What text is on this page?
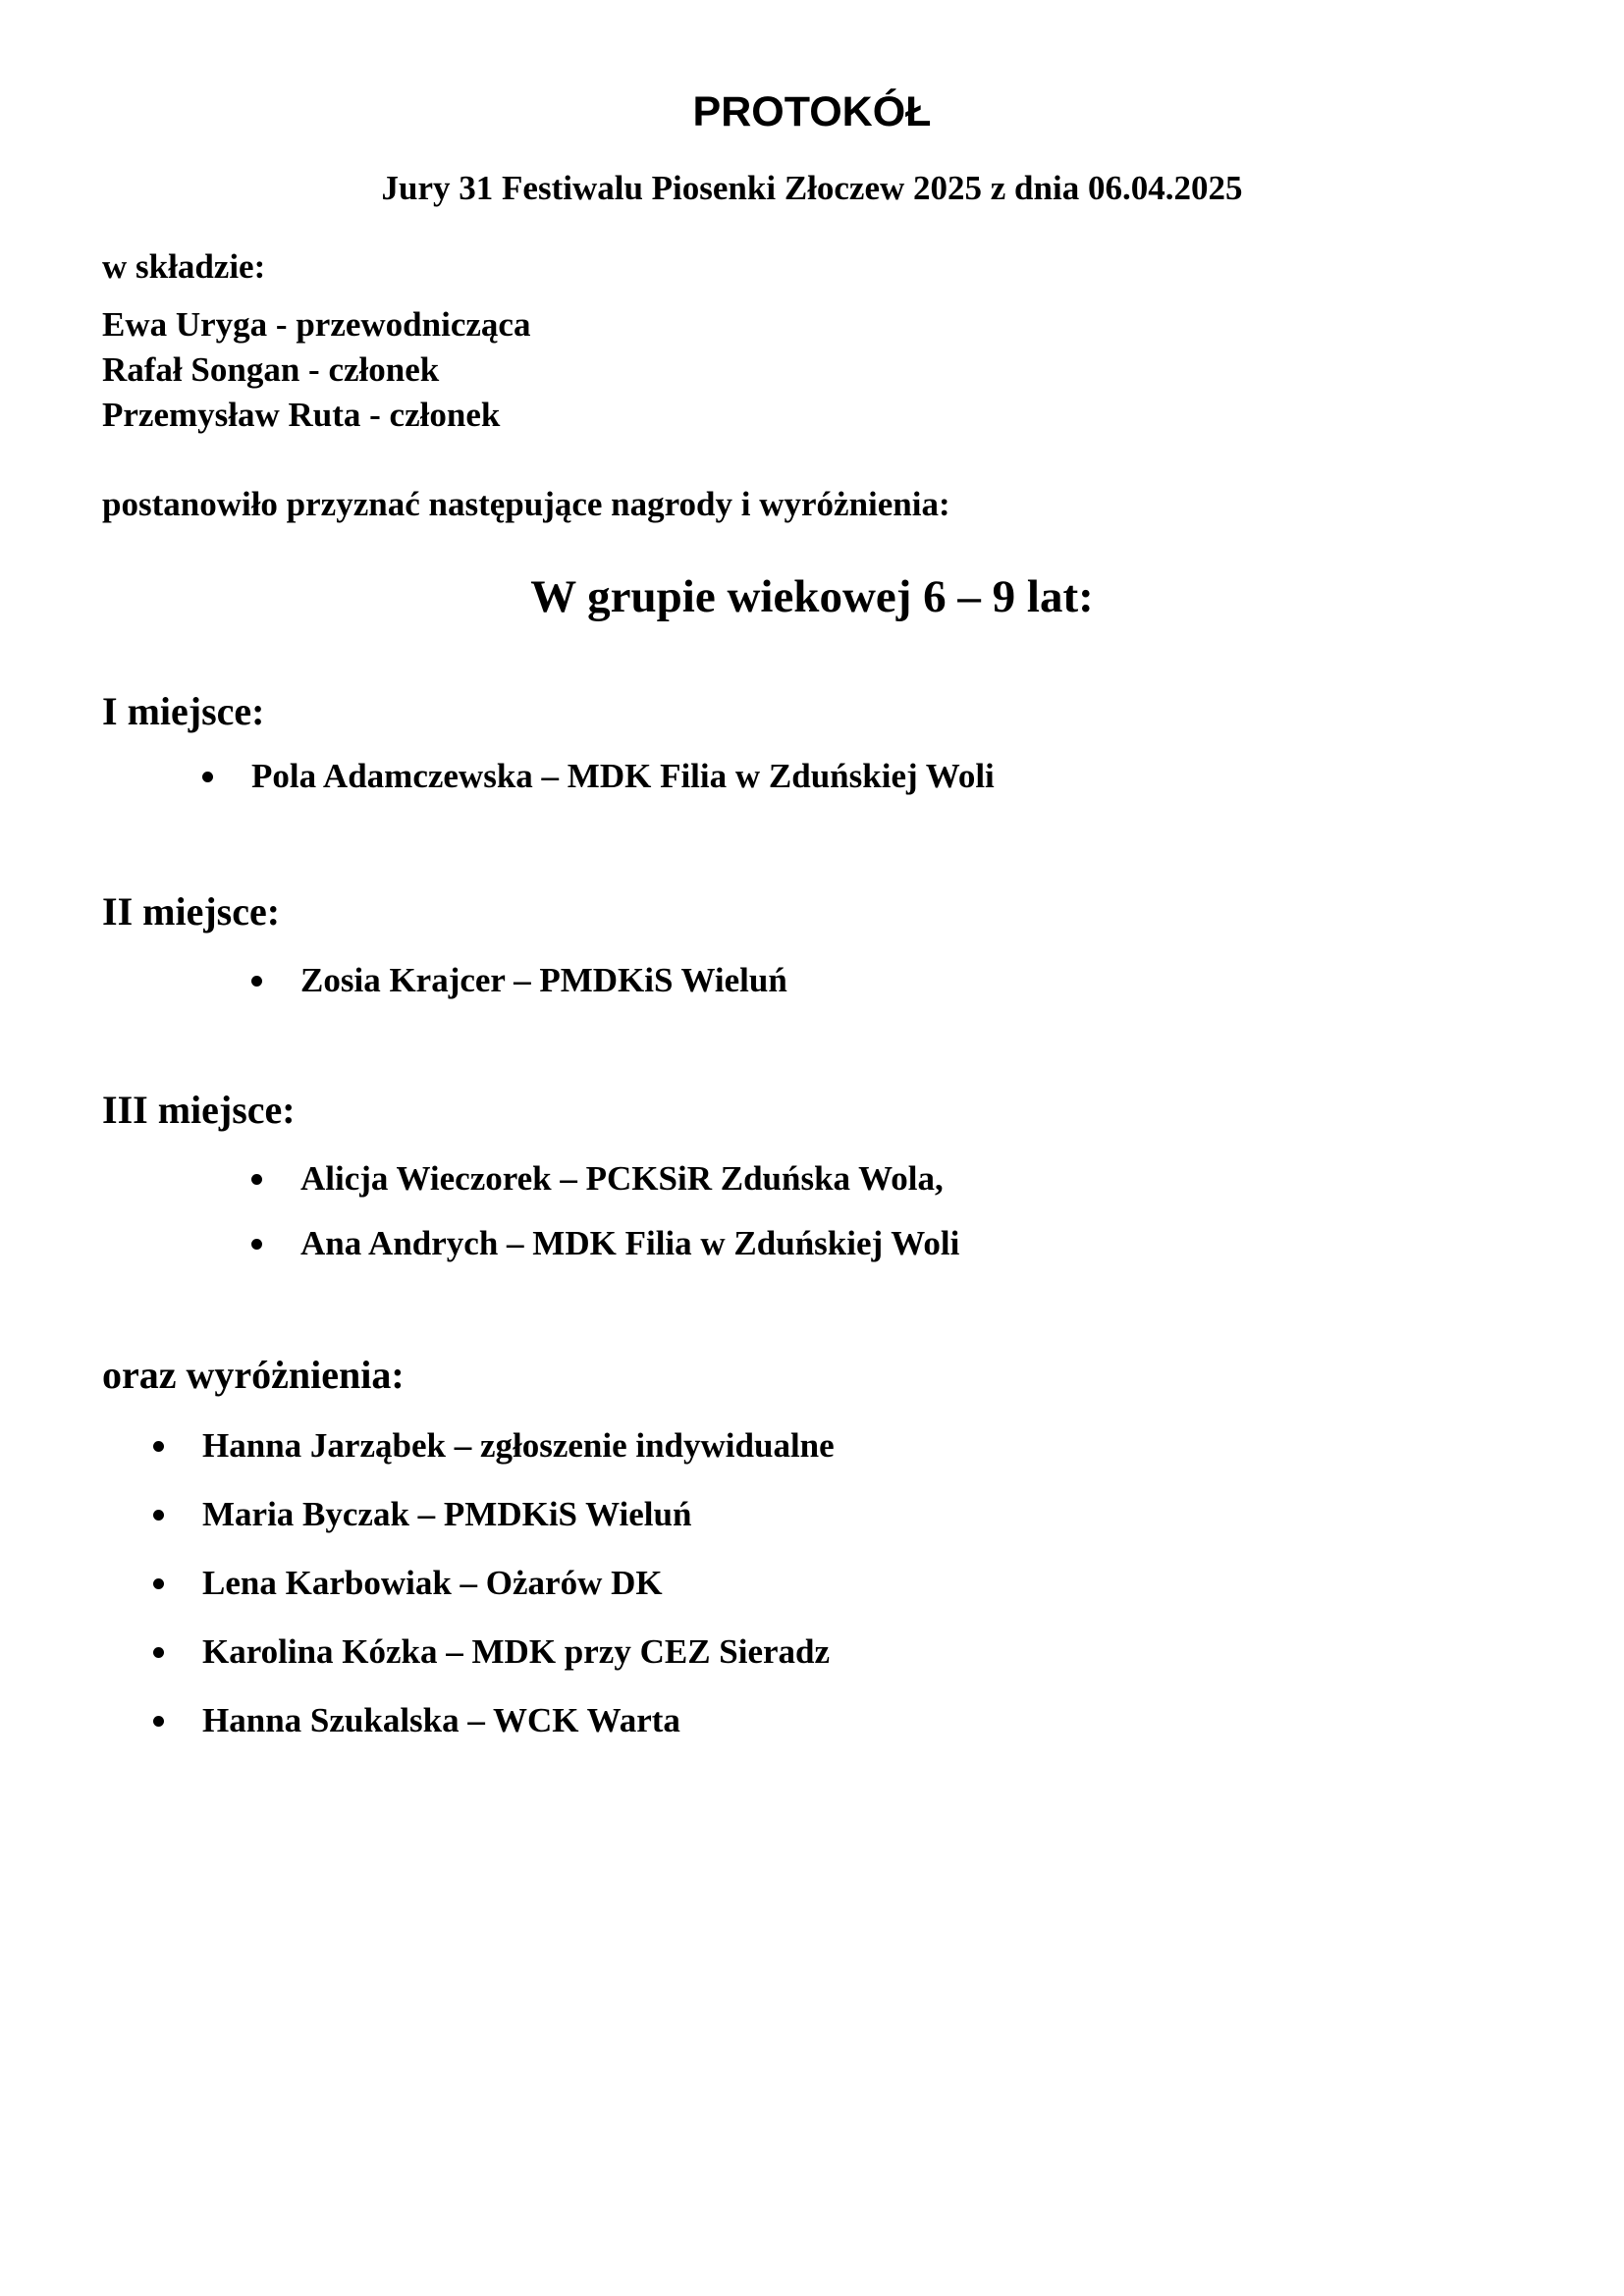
PROTOKÓŁ
Jury 31 Festiwalu Piosenki Złoczew 2025 z dnia 06.04.2025
w składzie:
Ewa Uryga - przewodnicząca
Rafał Songan - członek
Przemysław Ruta - członek
postanowiło przyznać następujące nagrody i wyróżnienia:
W grupie wiekowej 6 – 9 lat:
I miejsce:
Pola Adamczewska – MDK Filia w Zduńskiej Woli
II miejsce:
Zosia Krajcer – PMDKiS Wieluń
III miejsce:
Alicja Wieczorek – PCKSiR Zduńska Wola,
Ana Andrych – MDK Filia w Zduńskiej Woli
oraz wyróżnienia:
Hanna Jarząbek – zgłoszenie indywidualne
Maria Byczak – PMDKiS Wieluń
Lena Karbowiak – Ożarów DK
Karolina Kózka – MDK przy CEZ Sieradz
Hanna Szukalska – WCK Warta
